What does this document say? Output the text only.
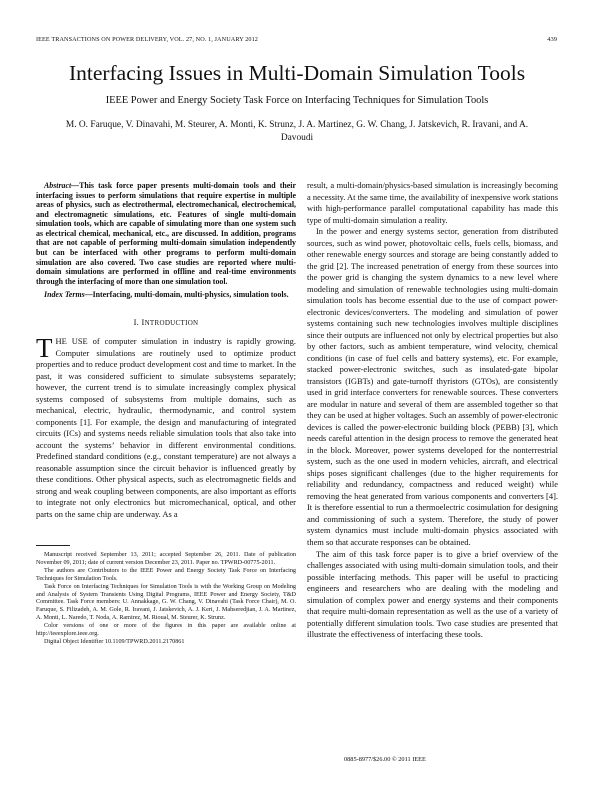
IEEE TRANSACTIONS ON POWER DELIVERY, VOL. 27, NO. 1, JANUARY 2012	439
Interfacing Issues in Multi-Domain Simulation Tools
IEEE Power and Energy Society Task Force on Interfacing Techniques for Simulation Tools
M. O. Faruque, V. Dinavahi, M. Steurer, A. Monti, K. Strunz, J. A. Martinez, G. W. Chang, J. Jatskevich, R. Iravani, and A. Davoudi

Abstract—This task force paper presents multi-domain tools and their interfacing issues to perform simulations that require expertise in multiple areas of physics, such as electrothermal, electromechanical, electrochemical, and electromagnetic simulations, etc. Features of single multi-domain simulation tools, which are capable of simulating more than one system such as electrical chemical, mechanical, etc., are discussed. In addition, programs that are not capable of performing multi-domain simulation independently but can be interfaced with other programs to perform multi-domain simulation are also covered. Two case studies are reported where multi-domain simulations are performed in offline and real-time environments through the interfacing of more than one simulation tool.

Index Terms—Interfacing, multi-domain, multi-physics, simulation tools.

I. INTRODUCTION

THE USE of computer simulation in industry is rapidly growing. Computer simulations are routinely used to optimize product properties and to reduce product development cost and time to market. In the past, it was considered sufficient to simulate subsystems separately; however, the current trend is to simulate increasingly complex physical systems composed of subsystems from multiple domains, such as mechanical, electric, hydraulic, thermodynamic, and control system components [1]. For example, the design and manufacturing of integrated circuits (ICs) and systems needs reliable simulation tools that also take into account the systems’ behavior in different environmental conditions. Predefined standard conditions (e.g., constant temperature) are not always a reasonable assumption since the circuit behavior is influenced greatly by these conditions. Other physical aspects, such as electromagnetic fields and strong and weak coupling between components, are also important as efforts to integrate not only electronics but micromechanical, optical, and other parts on the same chip are underway. As a

Manuscript received September 13, 2011; accepted September 26, 2011. Date of publication November 09, 2011; date of current version December 23, 2011. Paper no. TPWRD-00775-2011.

The authors are Contributors to the IEEE Power and Energy Society Task Force on Interfacing Techniques for Simulation Tools.

Task Force on Interfacing Techniques for Simulation Tools is with the Working Group on Modeling and Analysis of System Transients Using Digital Programs, IEEE Power and Energy Society, T&D Committee. Task Force members: U. Annakkage, G. W. Chang, V. Dinavahi (Task Force Chair), M. O. Faruque, S. Filizadeh, A. M. Gole, R. Iravani, J. Jatskevich, A. J. Keri, J. Mahseredjian, J. A. Martinez, A. Monti, L. Naredo, T. Noda, A. Ramirez, M. Rioual, M. Steurer, K. Strunz.

Color versions of one or more of the figures in this paper are available online at http://ieeexplore.ieee.org.

Digital Object Identifier 10.1109/TPWRD.2011.2170861

result, a multi-domain/physics-based simulation is increasingly becoming a necessity. At the same time, the availability of inexpensive work stations with high-performance parallel computational capability has made this type of multi-domain simulation a reality.

In the power and energy systems sector, generation from distributed sources, such as wind power, photovoltaic cells, fuels cells, biomass, and other renewable energy sources and storage are being constantly added to the grid [2]. The increased penetration of energy from these sources into the power grid is changing the system dynamics to a new level where modeling and simulation of renewable technologies using multi-domain simulation tools has become essential due to the use of compact power-electronic devices/converters. The modeling and simulation of power systems containing such new technologies involves multiple disciplines since their outputs are influenced not only by electrical properties but also by other factors, such as ambient temperature, wind velocity, chemical conditions (in case of fuel cells and battery systems), etc. For example, stacked power-electronic switches, such as insulated-gate bipolar transistors (IGBTs) and gate-turnoff thyristors (GTOs), are consistently used in grid interface converters for renewable sources. These converters are modular in nature and several of them are assembled together so that they can be used at higher voltages. Such an assembly of power-electronic devices is called the power-electronic building block (PEBB) [3], which needs careful attention in the design process to remove the generated heat in the block. Moreover, power systems developed for the nonterrestrial system, such as the one used in modern vehicles, aircraft, and electrical ships poses significant challenges (due to the higher requirements for reliability and redundancy, compactness and reduced weight) while removing the heat generated from various components and converters [4]. It is therefore essential to run a thermoelectric cosimulation for designing and commissioning of such a system. Therefore, the study of power system dynamics must include multi-domain physics associated with them so that accurate responses can be obtained.

The aim of this task force paper is to give a brief overview of the challenges associated with using multi-domain simulation tools, and their possible interfacing methods. This paper will be useful to practicing engineers and researchers who are dealing with the modeling and simulation of complex power and energy systems and their components that require multi-domain representation as well as the use of a variety of potentially different simulation tools. Two case studies are presented that illustrate the effectiveness of interfacing these tools.

0885-8977/$26.00 © 2011 IEEE
